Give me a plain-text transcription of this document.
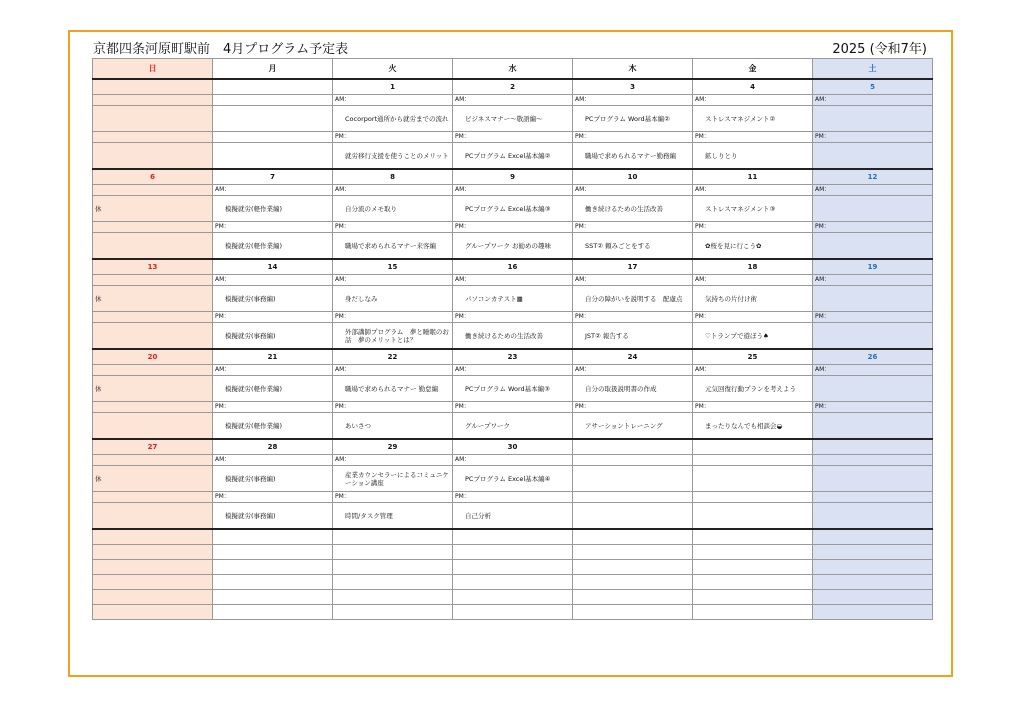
京都四条河原町駅前　4月プログラム予定表	2025 (令和7年)
日	月	火	水	木	金	土
		1	2	3	4	5
		AM：	AM：	AM：	AM：	AM：

		Cocorport通所から就労までの流れ	ビジネスマナー～敬語編～	PCプログラム Word基本編②	ストレスマネジメント②	

		PM：	PM：	PM：	PM：	PM：

		就労移行支援を使うことのメリット	PCプログラム Excel基本編②	職場で求められるマナー勤務編	鉱しりとり	

6	7	8	9	10	11	12
	AM：	AM：	AM：	AM：	AM：	AM：
休	模擬就労(軽作業編)	自分流のメモ取り	PCプログラム Excel基本編③	働き続けるための生活改善	ストレスマネジメント③	

	PM：	PM：	PM：	PM：	PM：	PM：

	模擬就労(軽作業編)	職場で求められるマナー来客編	グループワーク お勧めの趣味	SST② 頼みごとをする	✿桜を見に行こう✿	

13	14	15	16	17	18	19
	AM：	AM：	AM：	AM：	AM：	AM：
休	模擬就労(事務編)	身だしなみ	パソコンカテスト▦	自分の障がいを説明する　配慮点	気持ちの片付け術	

	PM：	PM：	PM：	PM：	PM：	PM：

	模擬就労(事務編)	外部講師プログラム　夢と睡眠のお話　夢のメリットとは？	働き続けるための生活改善	JST② 報告する	♡トランプで遊ぼう♠	

20	21	22	23	24	25	26
	AM：	AM：	AM：	AM：	AM：	AM：
休	模擬就労(軽作業編)	職場で求められるマナー 勤怠編	PCプログラム Word基本編③	自分の取扱説明書の作成	元気回復行動プランを考えよう	

	PM：	PM：	PM：	PM：	PM：	PM：

	模擬就労(軽作業編)	あいさつ	グループワーク	アサーショントレーニング	まったりなんでも相談会◒	

27	28	29	30			
	AM：	AM：	AM：			
休	模擬就労(事務編)	産業カウンセラーによるコミュニケーション講座	PCプログラム Excel基本編④			

	PM：	PM：	PM：			

	模擬就労(事務編)	時間/タスク管理	自己分析			
